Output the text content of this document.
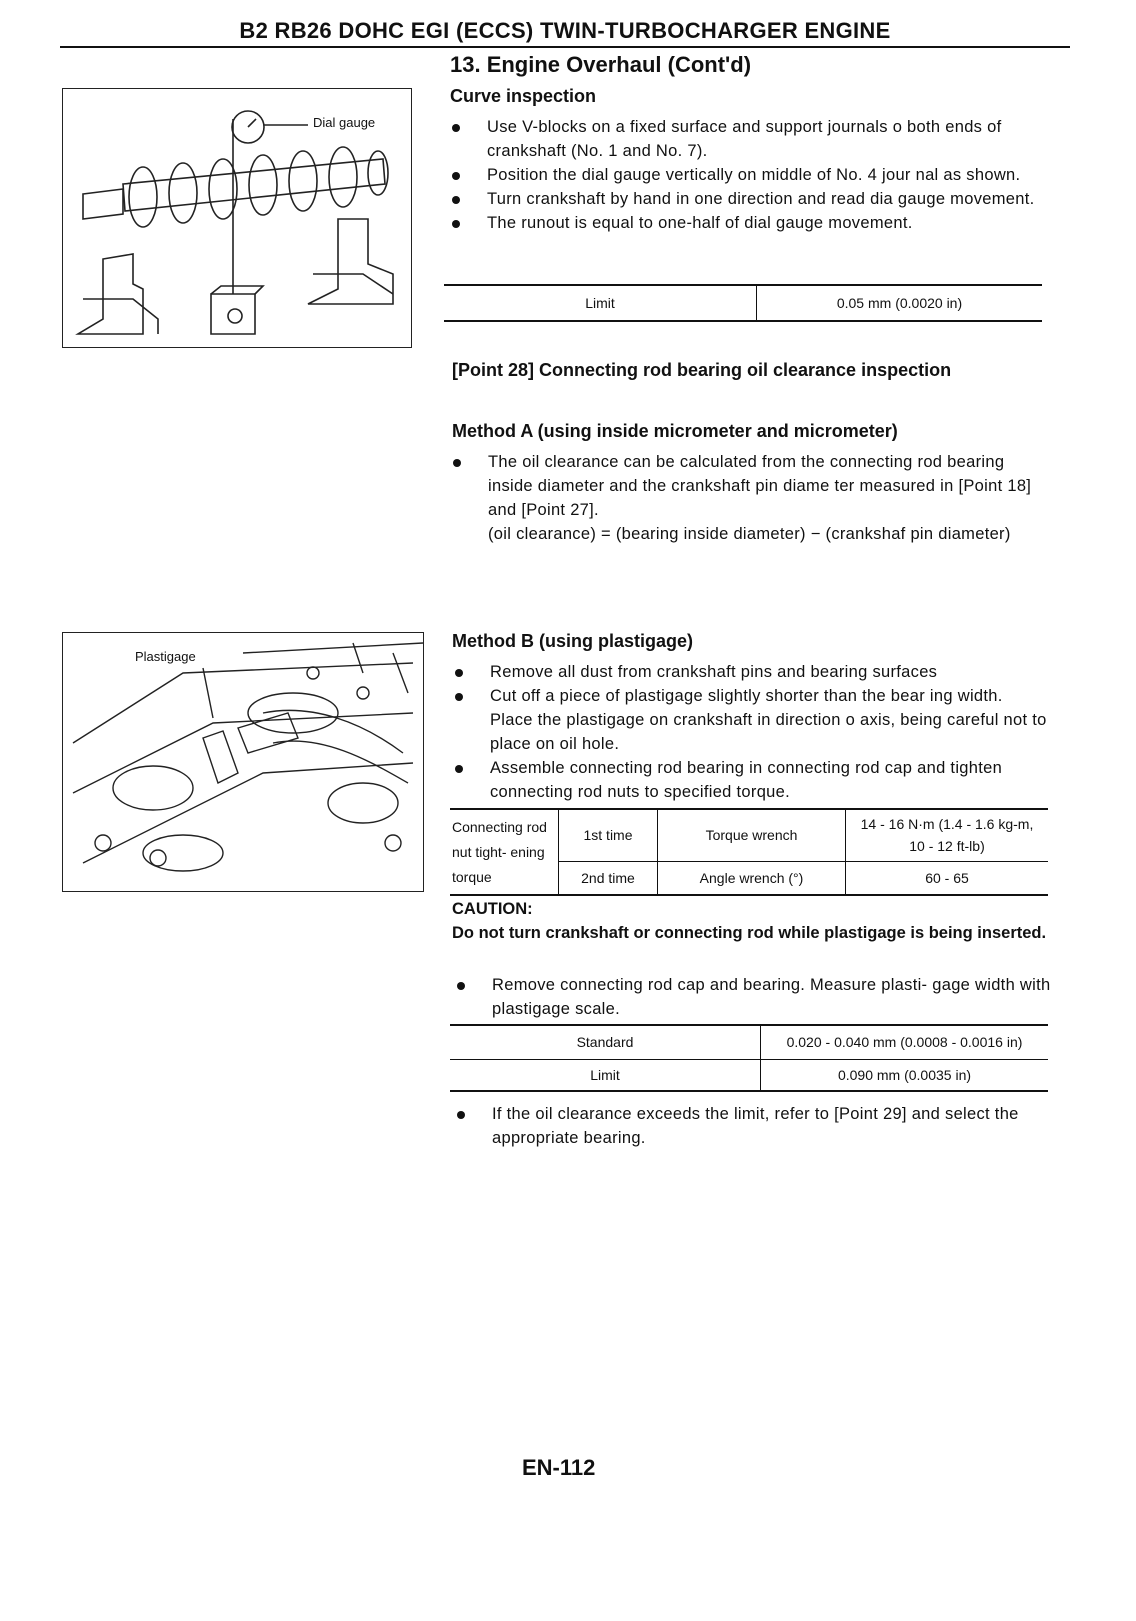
B2 RB26 DOHC EGI (ECCS) TWIN-TURBOCHARGER ENGINE
Dial gauge
13. Engine Overhaul (Cont'd)
Curve inspection
Use V-blocks on a fixed surface and support journals o both ends of crankshaft (No. 1 and No. 7).
Position the dial gauge vertically on middle of No. 4 jour nal as shown.
Turn crankshaft by hand in one direction and read dia gauge movement.
The runout is equal to one-half of dial gauge movement.
Limit	0.05 mm (0.0020 in)
[Point 28] Connecting rod bearing oil clearance inspection
Method A (using inside micrometer and micrometer)
The oil clearance can be calculated from the connecting rod bearing inside diameter and the crankshaft pin diame ter measured in [Point 18] and [Point 27].
(oil clearance) = (bearing inside diameter) − (crankshaf pin diameter)
Plastigage
Method B (using plastigage)
Remove all dust from crankshaft pins and bearing surfaces
Cut off a piece of plastigage slightly shorter than the bear ing width. Place the plastigage on crankshaft in direction o axis, being careful not to place on oil hole.
Assemble connecting rod bearing in connecting rod cap and tighten connecting rod nuts to specified torque.
Connecting rod nut tight- ening torque	1st time	Torque wrench	14 - 16 N·m (1.4 - 1.6 kg-m, 10 - 12 ft-lb)
	2nd time	Angle wrench (°)	60 - 65
CAUTION:
Do not turn crankshaft or connecting rod while plastigage is being inserted.
Remove connecting rod cap and bearing. Measure plasti- gage width with plastigage scale.
Standard	0.020 - 0.040 mm (0.0008 - 0.0016 in)
Limit	0.090 mm (0.0035 in)
If the oil clearance exceeds the limit, refer to [Point 29] and select the appropriate bearing.
EN-112
